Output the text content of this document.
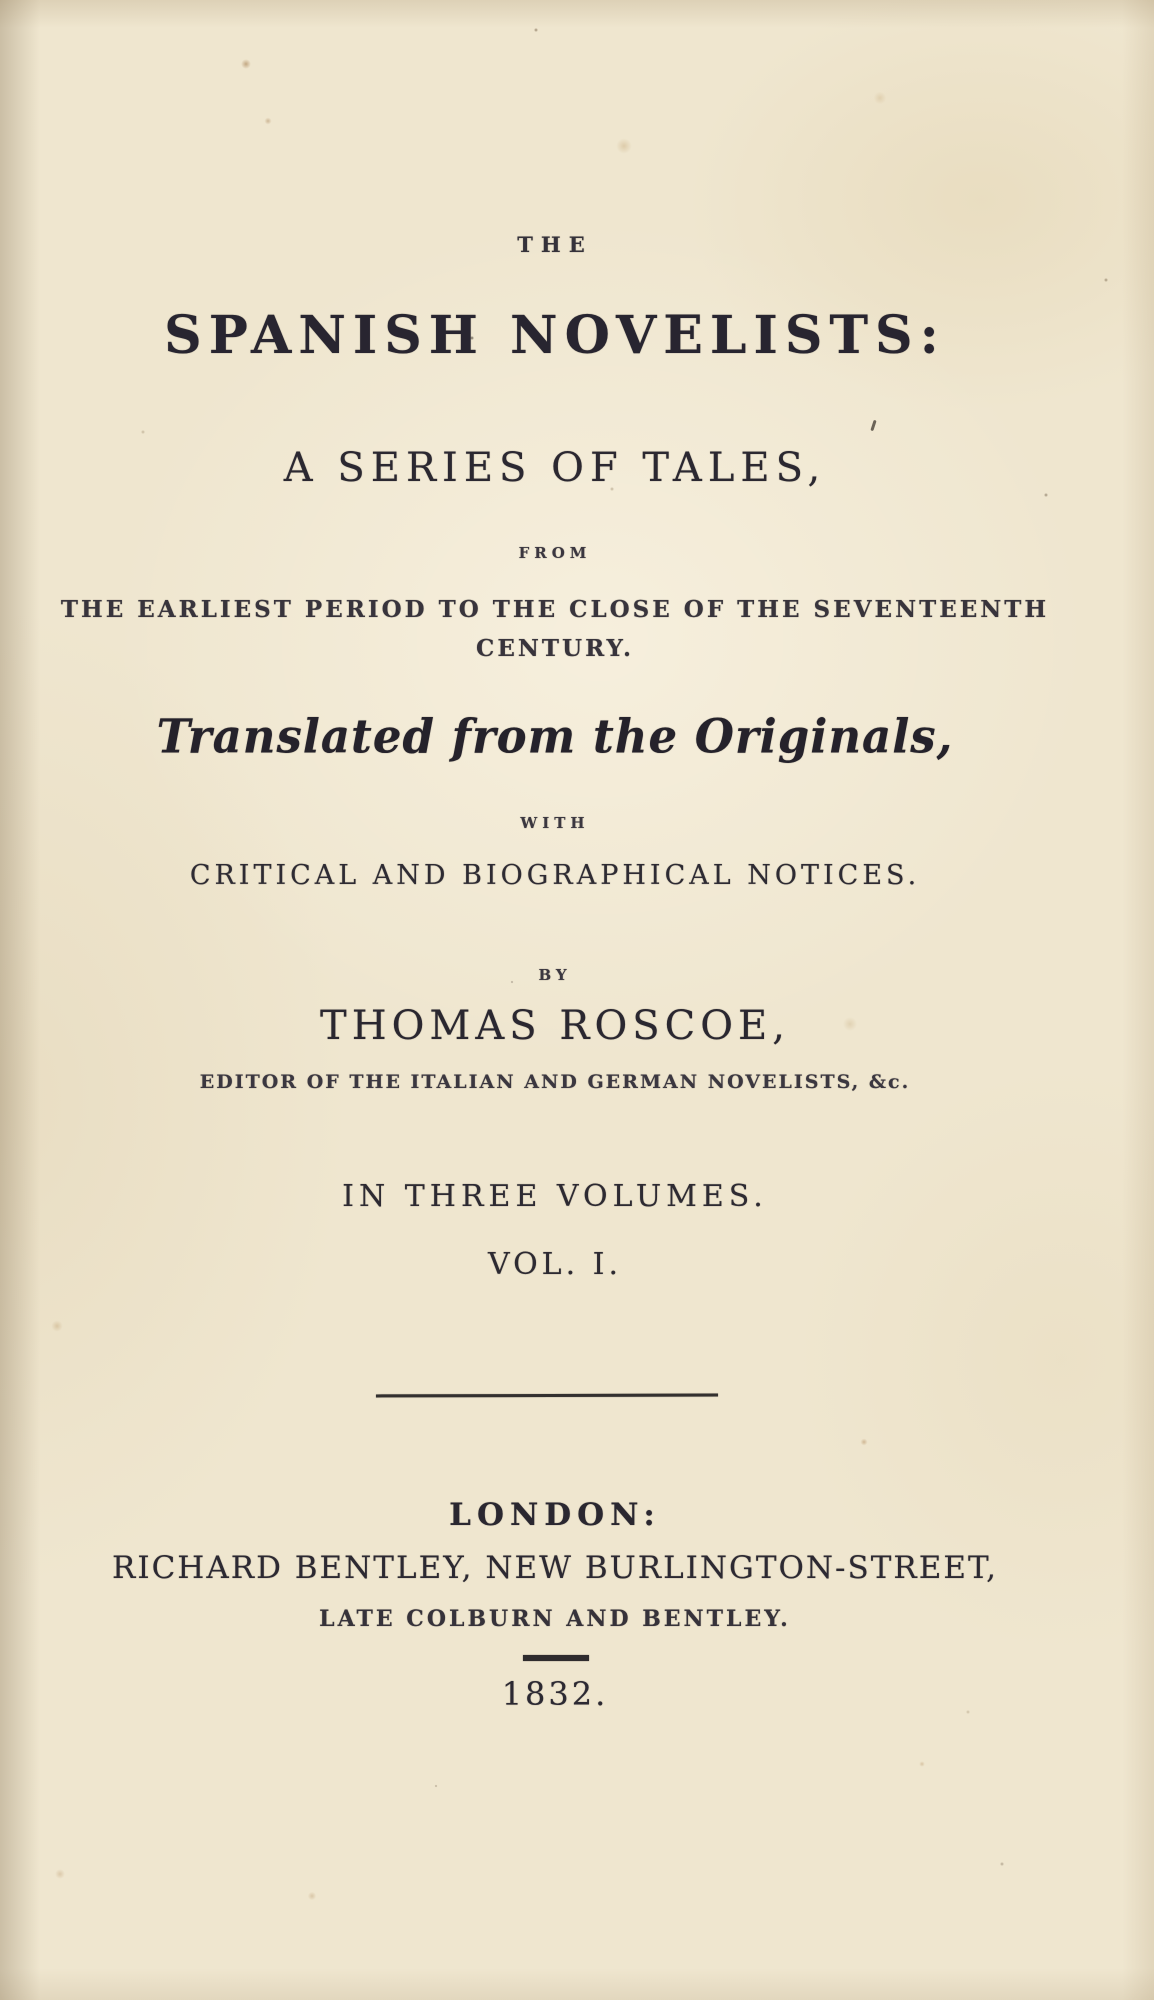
THE
SPANISH NOVELISTS:
A SERIES OF TALES,
FROM
THE EARLIEST PERIOD TO THE CLOSE OF THE SEVENTEENTH
CENTURY.
Translated from the Originals,
WITH
CRITICAL AND BIOGRAPHICAL NOTICES.
BY
THOMAS ROSCOE,
EDITOR OF THE ITALIAN AND GERMAN NOVELISTS, &c.
IN THREE VOLUMES.
VOL. I.
LONDON:
RICHARD BENTLEY, NEW BURLINGTON-STREET,
LATE COLBURN AND BENTLEY.
1832.
